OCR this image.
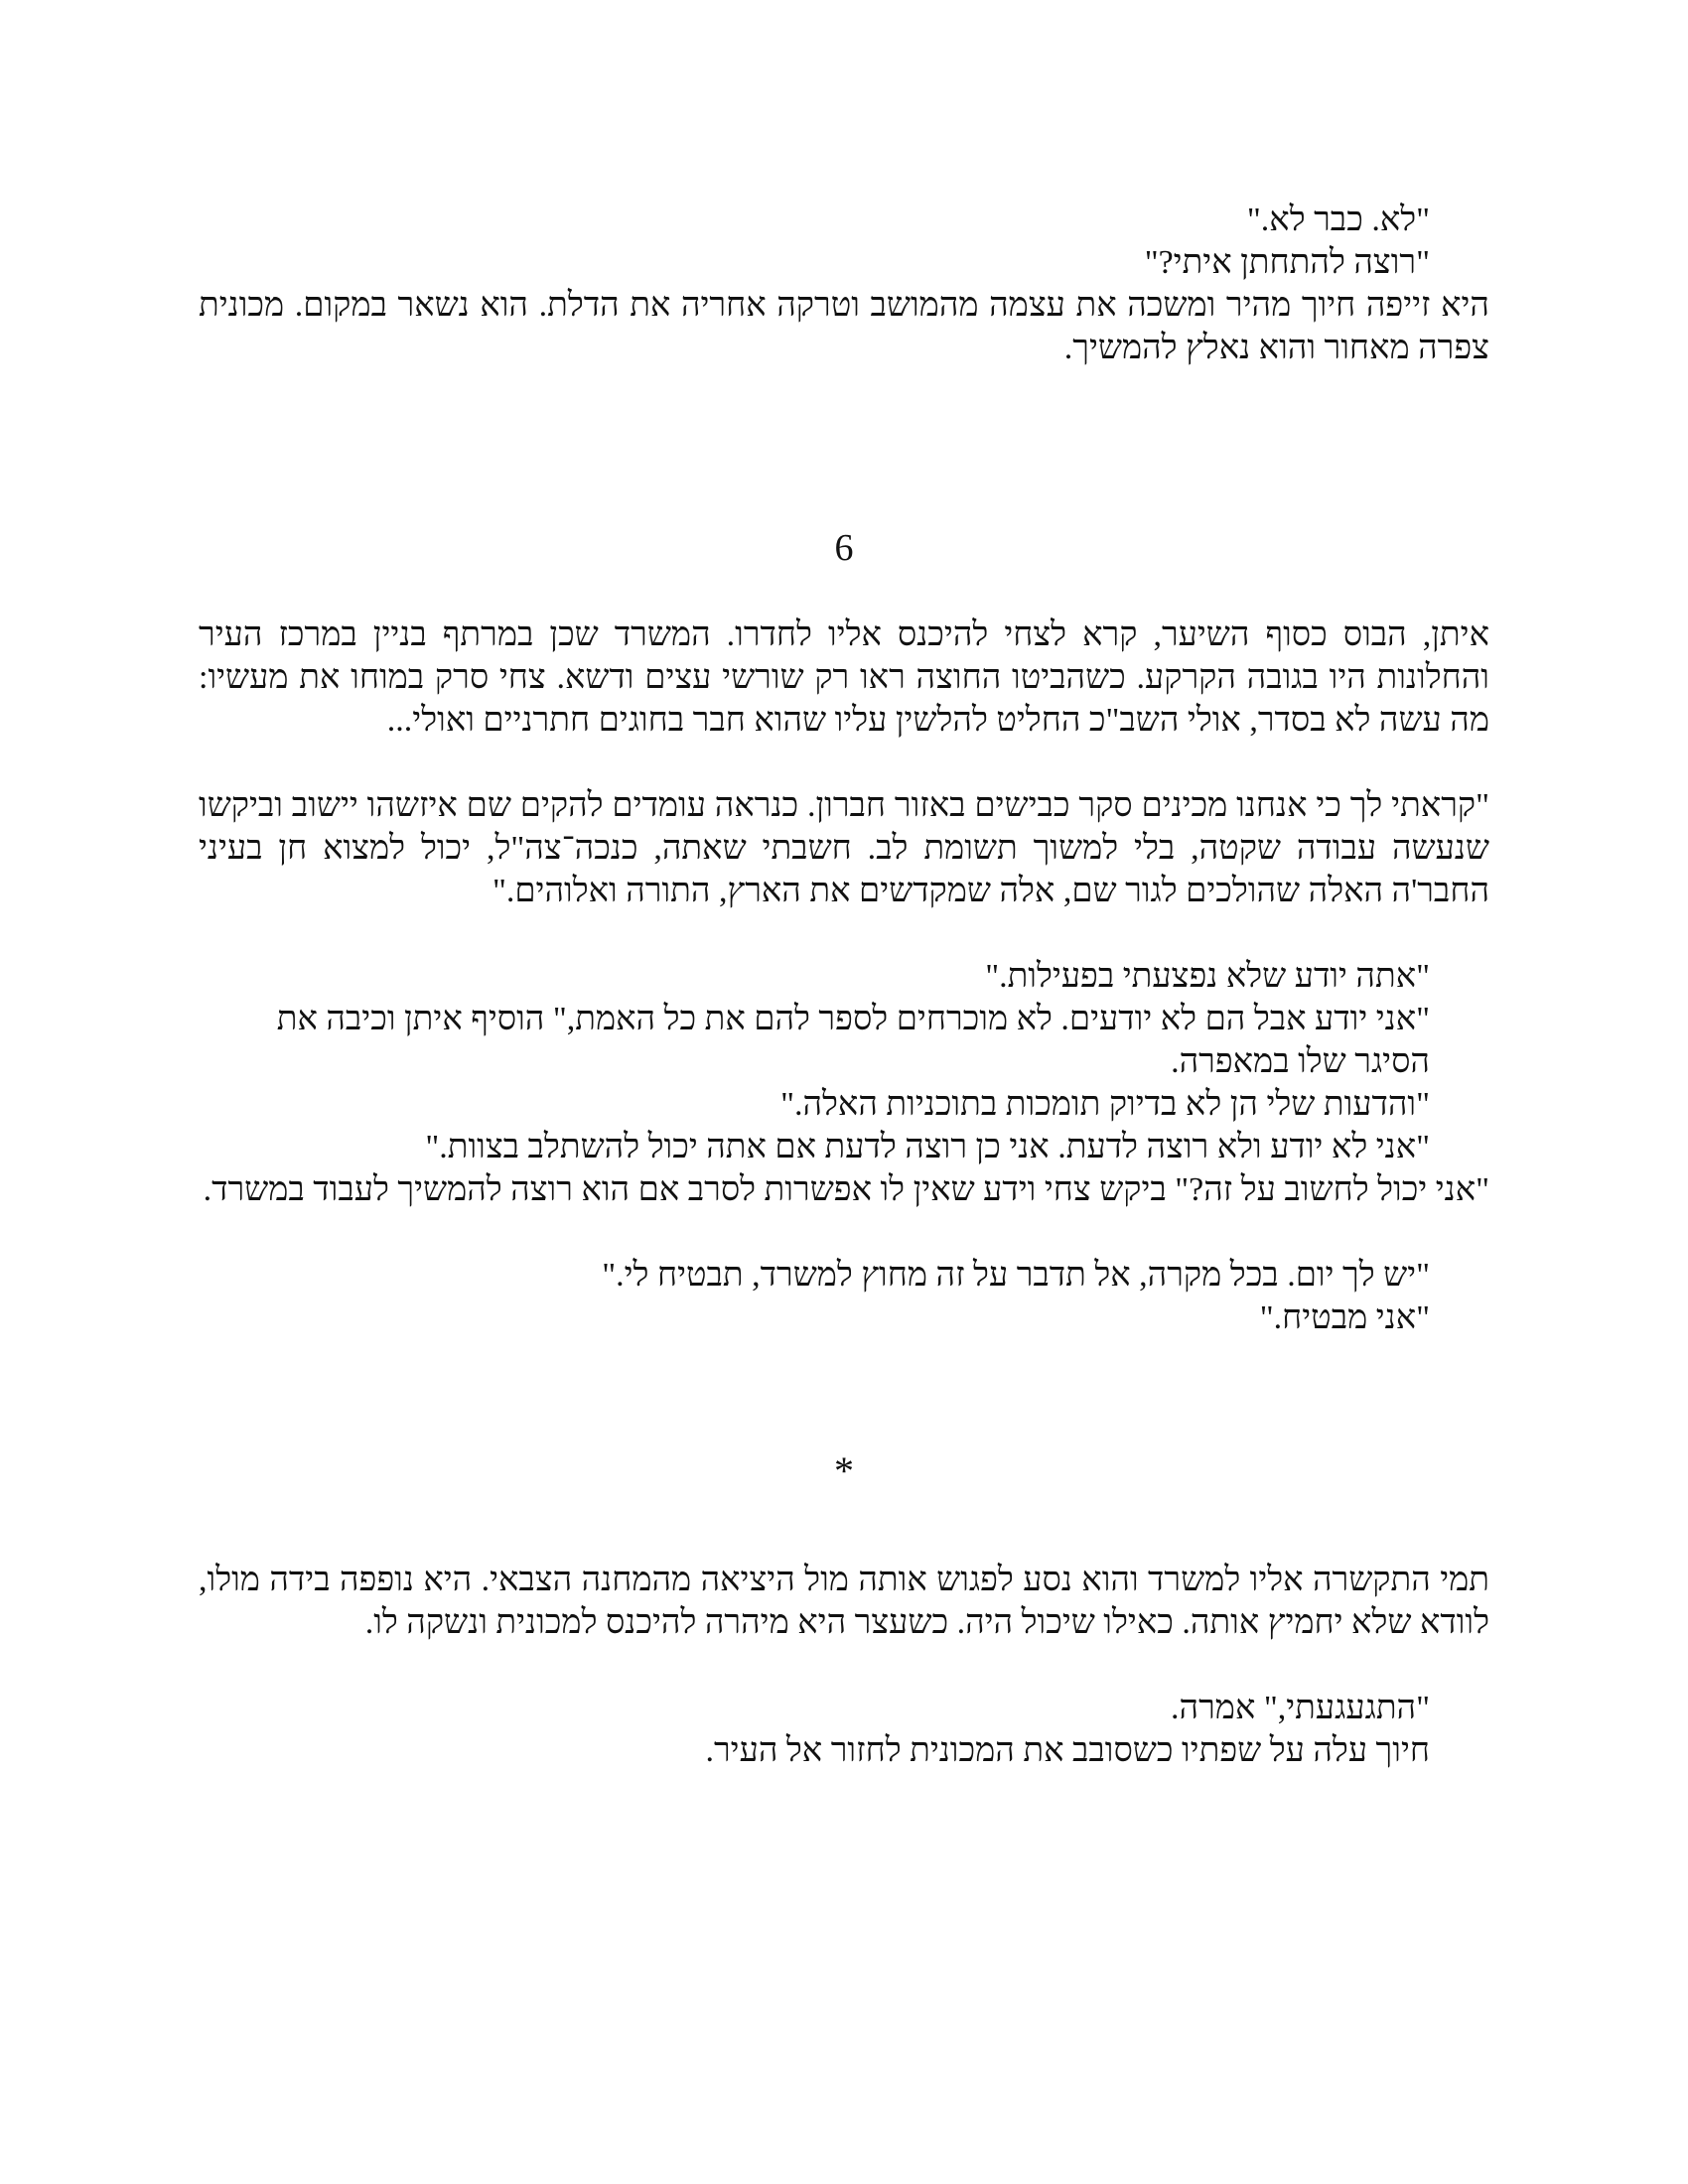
"לא. כבר לא."

"רוצה להתחתן איתי?"

היא זייפה חיוך מהיר ומשכה את עצמה מהמושב וטרקה אחריה את הדלת. הוא נשאר במקום. מכונית צפרה מאחור והוא נאלץ להמשיך.

6

איתן, הבוס כסוף השיער, קרא לצחי להיכנס אליו לחדרו. המשרד שכן במרתף בניין במרכז העיר והחלונות היו בגובה הקרקע. כשהביטו החוצה ראו רק שורשי עצים ודשא. צחי סרק במוחו את מעשיו: מה עשה לא בסדר, אולי השב"כ החליט להלשין עליו שהוא חבר בחוגים חתרניים ואולי...

"קראתי לך כי אנחנו מכינים סקר כבישים באזור חברון. כנראה עומדים להקים שם איזשהו יישוב וביקשו שנעשה עבודה שקטה, בלי למשוך תשומת לב. חשבתי שאתה, כנכה־צה"ל, יכול למצוא חן בעיני החבר'ה האלה שהולכים לגור שם, אלה שמקדשים את הארץ, התורה ואלוהים."

"אתה יודע שלא נפצעתי בפעילות."

"אני יודע אבל הם לא יודעים. לא מוכרחים לספר להם את כל האמת," הוסיף איתן וכיבה את הסיגר שלו במאפרה.

"והדעות שלי הן לא בדיוק תומכות בתוכניות האלה."

"אני לא יודע ולא רוצה לדעת. אני כן רוצה לדעת אם אתה יכול להשתלב בצוות."

"אני יכול לחשוב על זה?" ביקש צחי וידע שאין לו אפשרות לסרב אם הוא רוצה להמשיך לעבוד במשרד.

"יש לך יום. בכל מקרה, אל תדבר על זה מחוץ למשרד, תבטיח לי."

"אני מבטיח."

*

תמי התקשרה אליו למשרד והוא נסע לפגוש אותה מול היציאה מהמחנה הצבאי. היא נופפה בידה מולו, לוודא שלא יחמיץ אותה. כאילו שיכול היה. כשעצר היא מיהרה להיכנס למכונית ונשקה לו.

"התגעגעתי," אמרה.

חיוך עלה על שפתיו כשסובב את המכונית לחזור אל העיר.
